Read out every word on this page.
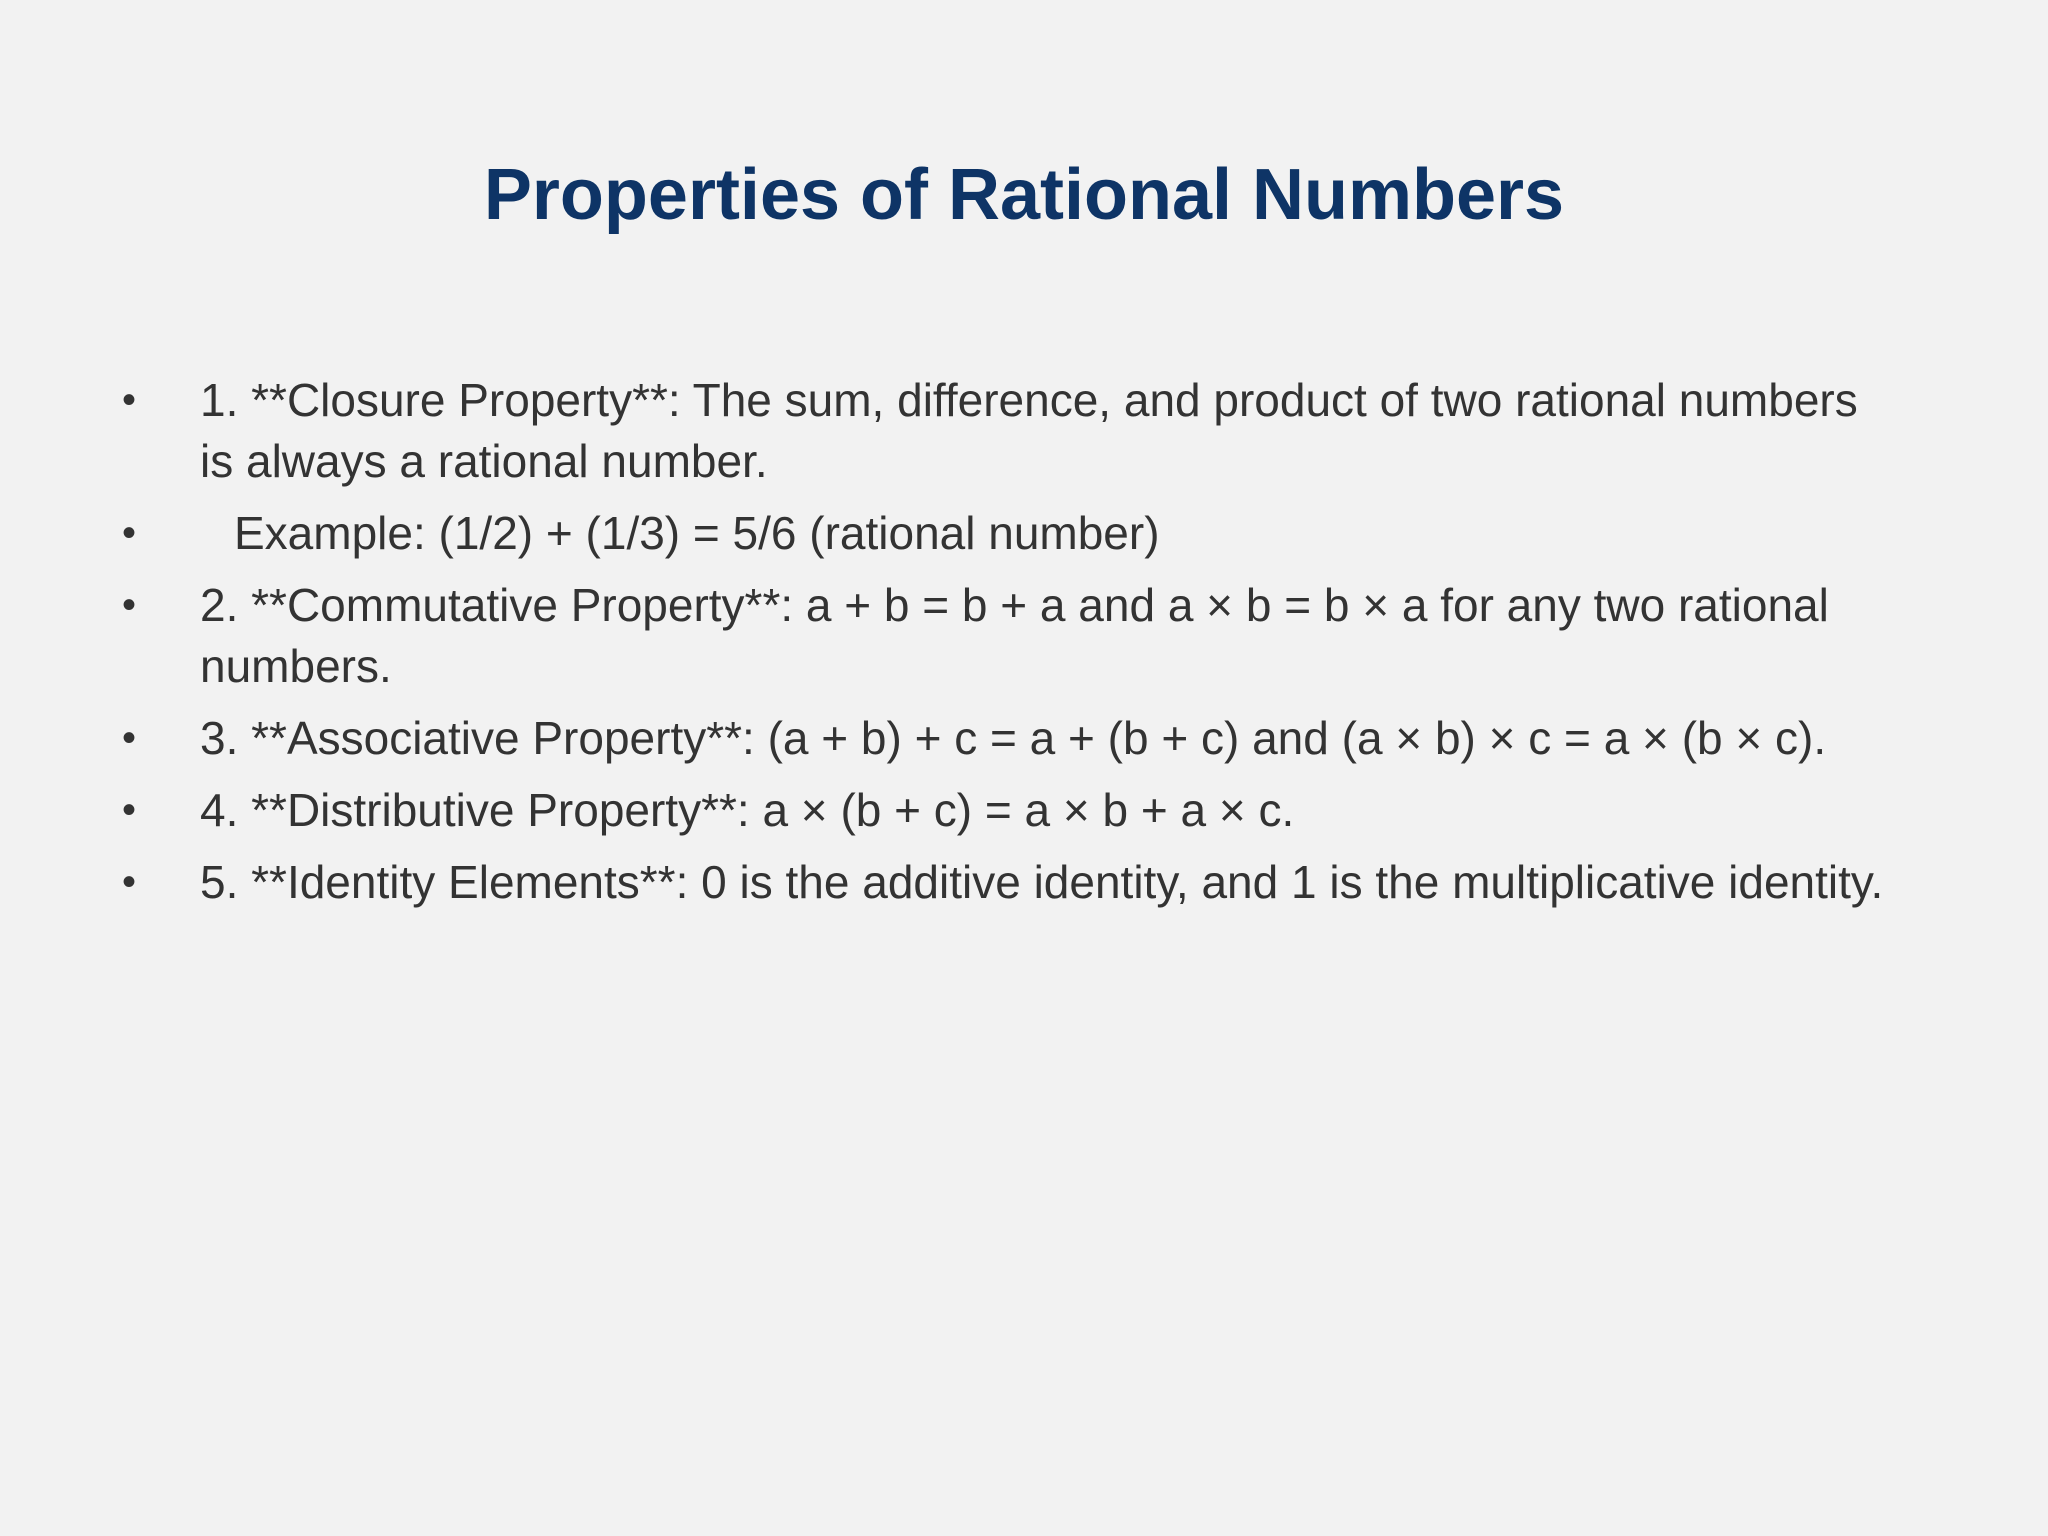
Properties of Rational Numbers
• 1. **Closure Property**: The sum, difference, and product of two rational numbers is always a rational number.
•	Example: (1/2) + (1/3) = 5/6 (rational number)
• 2. **Commutative Property**: a + b = b + a and a × b = b × a for any two rational numbers.
• 3. **Associative Property**: (a + b) + c = a + (b + c) and (a × b) × c = a × (b × c).
• 4. **Distributive Property**: a × (b + c) = a × b + a × c.
• 5. **Identity Elements**: 0 is the additive identity, and 1 is the multiplicative identity.
